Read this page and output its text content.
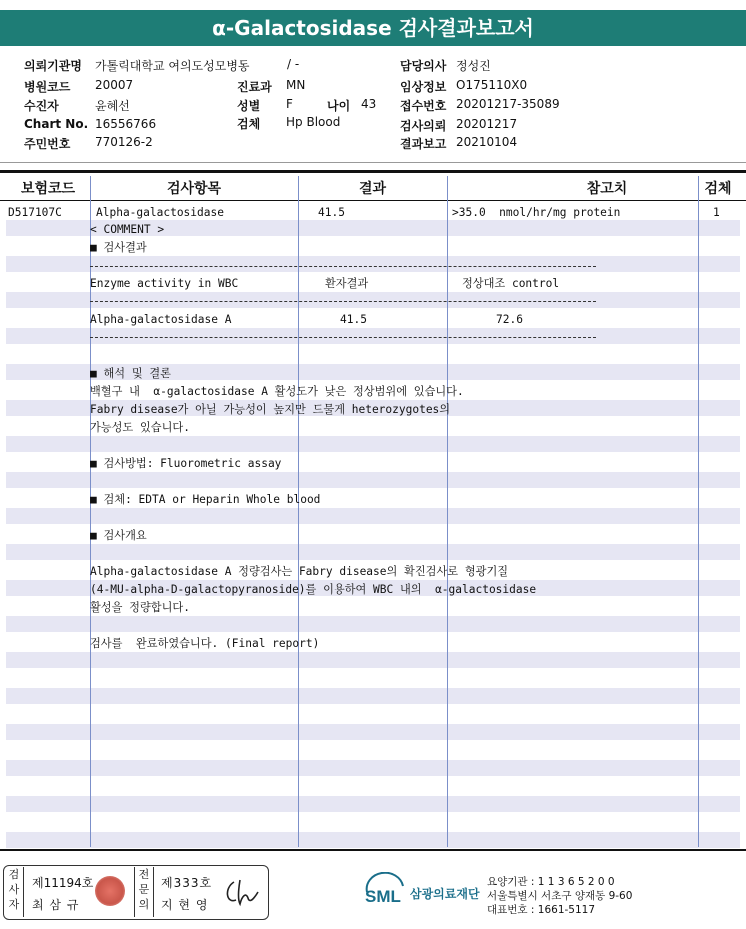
α-Galactosidase 검사결과보고서
의뢰기관명 가톨릭대학교 여의도성모병동	/ -	담당의사 정성진
병원코드 20007	진료과 MN	임상정보 O175110X0
수진자	윤혜선	성별 F	나이 43 접수번호 20201217-35089
Chart No. 16556766	검체 Hp Blood	검사의뢰 20201217
주민번호 770126-2	결과보고 20210104
보험코드	검사항목	결과	참고치	검체
D517107C	Alpha-galactosidase	41.5	>35.0  nmol/hr/mg protein	1
< COMMENT >
■ 검사결과
Enzyme activity in WBC	환자결과	정상대조 control
Alpha-galactosidase A	41.5	72.6
■ 해석 및 결론
백혈구 내  α-galactosidase A 활성도가 낮은 정상범위에 있습니다.
Fabry disease가 아닐 가능성이 높지만 드물게 heterozygotes의
가능성도 있습니다.
■ 검사방법: Fluorometric assay
■ 검체: EDTA or Heparin Whole blood
■ 검사개요
Alpha-galactosidase A 정량검사는 Fabry disease의 확진검사로 형광기질
(4-MU-alpha-D-galactopyranoside)를 이용하여 WBC 내의  α-galactosidase
활성을 정량합니다.
검사를  완료하였습니다. (Final report)
검사자
제11194호
최 삼 규
전문의
제333호
지 현 영	SML 삼광의료재단
요양기관 : 1 1 3 6 5 2 0 0
서울특별시 서초구 양재동 9-60
대표번호 : 1661-5117
